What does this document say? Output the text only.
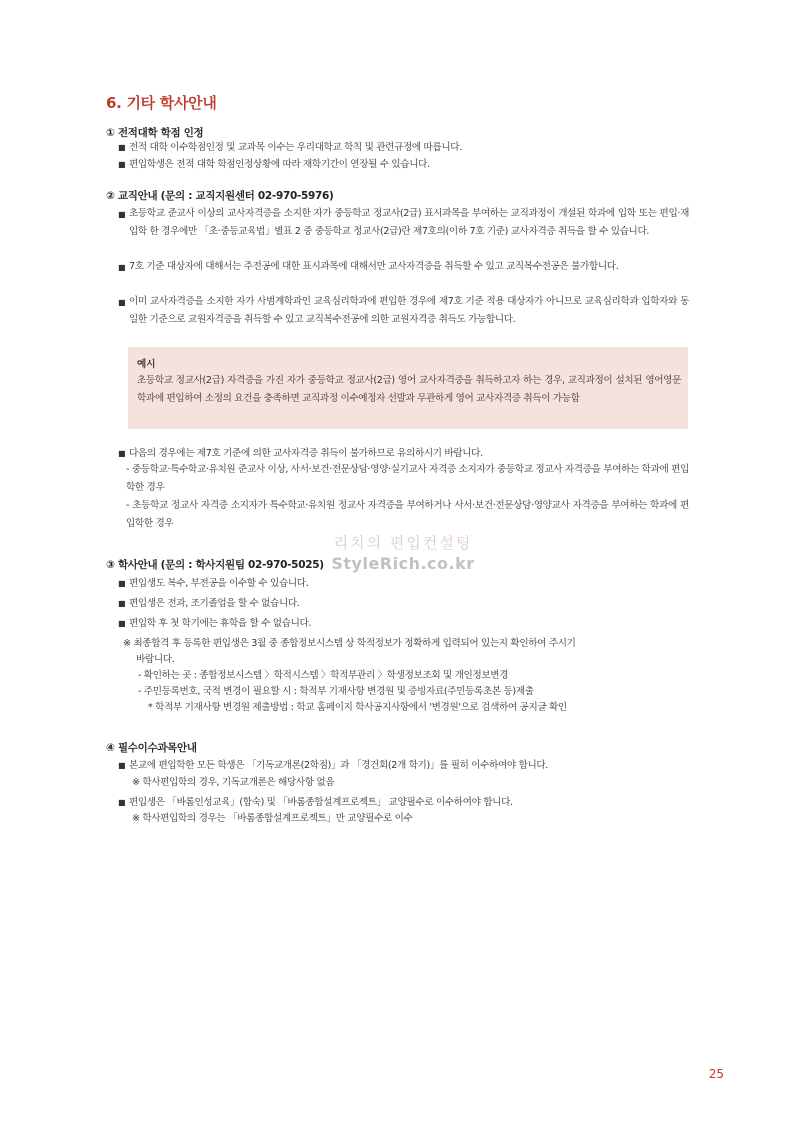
6. 기타 학사안내
① 전적대학 학점 인정
■ 전적 대학 이수학점인정 및 교과목 이수는 우리대학교 학칙 및 관련규정에 따릅니다.
■ 편입학생은 전적 대학 학점인정상황에 따라 재학기간이 연장될 수 있습니다.
② 교직안내 (문의 : 교직지원센터 02-970-5976)
■ 초등학교 준교사 이상의 교사자격증을 소지한 자가 중등학교 정교사(2급) 표시과목을 부여하는 교직과정이 개설된 학과에 입학 또는 편입·재입학 한 경우에만 「초·중등교육법」별표 2 중 중등학교 정교사(2급)란 제7호의(이하 7호 기준) 교사자격증 취득을 할 수 있습니다.
■ 7호 기준 대상자에 대해서는 주전공에 대한 표시과목에 대해서만 교사자격증을 취득할 수 있고 교직복수전공은 불가합니다.
■ 이미 교사자격증을 소지한 자가 사범계학과인 교육심리학과에 편입한 경우에 제7호 기준 적용 대상자가 아니므로 교육심리학과 입학자와 동일한 기준으로 교원자격증을 취득할 수 있고 교직복수전공에 의한 교원자격증 취득도 가능합니다.
예시
초등학교 정교사(2급) 자격증을 가진 자가 중등학교 정교사(2급) 영어 교사자격증을 취득하고자 하는 경우, 교직과정이 설치된 영어영문학과에 편입하여 소정의 요건을 충족하면 교직과정 이수예정자 선발과 무관하게 영어 교사자격증 취득이 가능함
■ 다음의 경우에는 제7호 기준에 의한 교사자격증 취득이 불가하므로 유의하시기 바랍니다.
- 중등학교·특수학교·유치원 준교사 이상, 사서·보건·전문상담·영양·실기교사 자격증 소지자가 중등학교 정교사 자격증을 부여하는 학과에 편입학한 경우
- 초등학교 정교사 자격증 소지자가 특수학교·유치원 정교사 자격증을 부여하거나 사서·보건·전문상담·영양교사 자격증을 부여하는 학과에 편입학한 경우
리치의 편입컨설팅
StyleRich.co.kr
③ 학사안내 (문의 : 학사지원팀 02-970-5025)
■ 편입생도 복수, 부전공을 이수할 수 있습니다.
■ 편입생은 전과, 조기졸업을 할 수 없습니다.
■ 편입학 후 첫 학기에는 휴학을 할 수 없습니다.
※ 최종합격 후 등록한 편입생은 3월 중 종합정보시스템 상 학적정보가 정확하게 입력되어 있는지 확인하여 주시기
바랍니다.
- 확인하는 곳 : 종합정보시스템 〉학적시스템 〉학적부관리 〉학생정보조회 및 개인정보변경
- 주민등록번호, 국적 변경이 필요할 시 : 학적부 기재사항 변경원 및 증빙자료(주민등록초본 등)제출
* 학적부 기재사항 변경원 제출방법 : 학교 홈페이지 학사공지사항에서 '변경원'으로 검색하여 공지글 확인
④ 필수이수과목안내
■ 본교에 편입학한 모든 학생은 「기독교개론(2학점)」과 「경건회(2개 학기)」를 필히 이수하여야 합니다.
※ 학사편입학의 경우, 기독교개론은 해당사항 없음
■ 편입생은 「바롬인성교육」(합숙) 및 「바롬종합설계프로젝트」 교양필수로 이수하여야 합니다.
※ 학사편입학의 경우는 「바롬종합설계프로젝트」만 교양필수로 이수
25
